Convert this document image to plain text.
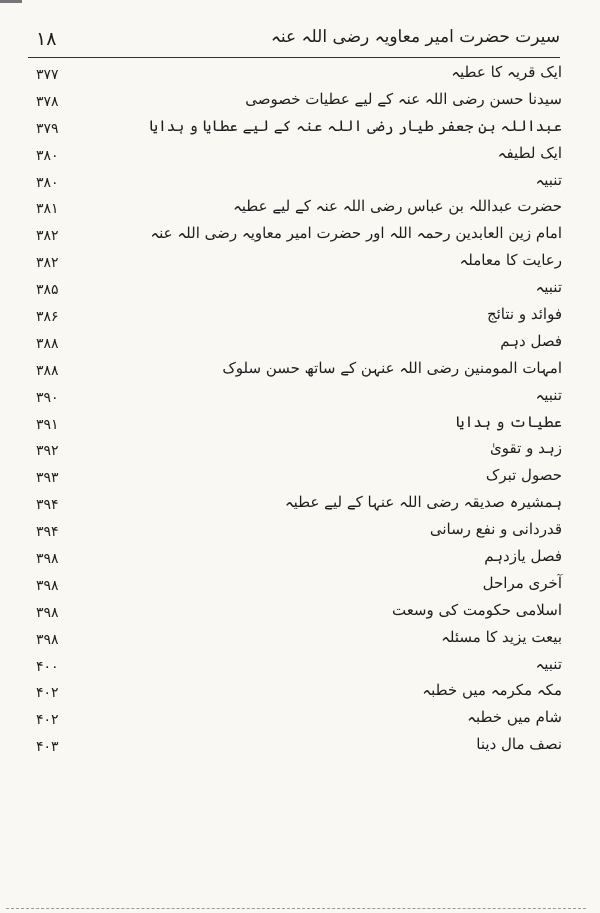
۱۸	سیرت حضرت امیر معاویہ رضی اللہ عنہ
۳۷۷	ایک قریہ کا عطیہ
۳۷۸	سیدنا حسن رضی اللہ عنہ کے لیے عطیات خصوصی
۳۷۹	عبداللہ بن جعفر طیار رضی اللہ عنہ کے لیے عطایا و ہدایا
۳۸۰	ایک لطیفہ
۳۸۰	تنبیہ
۳۸۱	حضرت عبداللہ بن عباس رضی اللہ عنہ کے لیے عطیہ
۳۸۲	امام زین العابدین رحمہ اللہ اور حضرت امیر معاویہ رضی اللہ عنہ
۳۸۲	رعایت کا معاملہ
۳۸۵	تنبیہ
۳۸۶	فوائد و نتائج
۳۸۸	فصل دہم
۳۸۸	امہات المومنین رضی اللہ عنہن کے ساتھ حسن سلوک
۳۹۰	تنبیہ
۳۹۱	عطیات و ہدایا
۳۹۲	زہد و تقویٰ
۳۹۳	حصول تبرک
۳۹۴	ہمشیرہ صدیقہ رضی اللہ عنہا کے لیے عطیہ
۳۹۴	قدردانی و نفع رسانی
۳۹۸	فصل یازدہم
۳۹۸	آخری مراحل
۳۹۸	اسلامی حکومت کی وسعت
۳۹۸	بیعت یزید کا مسئلہ
۴۰۰	تنبیہ
۴۰۲	مکہ مکرمہ میں خطبہ
۴۰۲	شام میں خطبہ
۴۰۳	نصف مال دینا
